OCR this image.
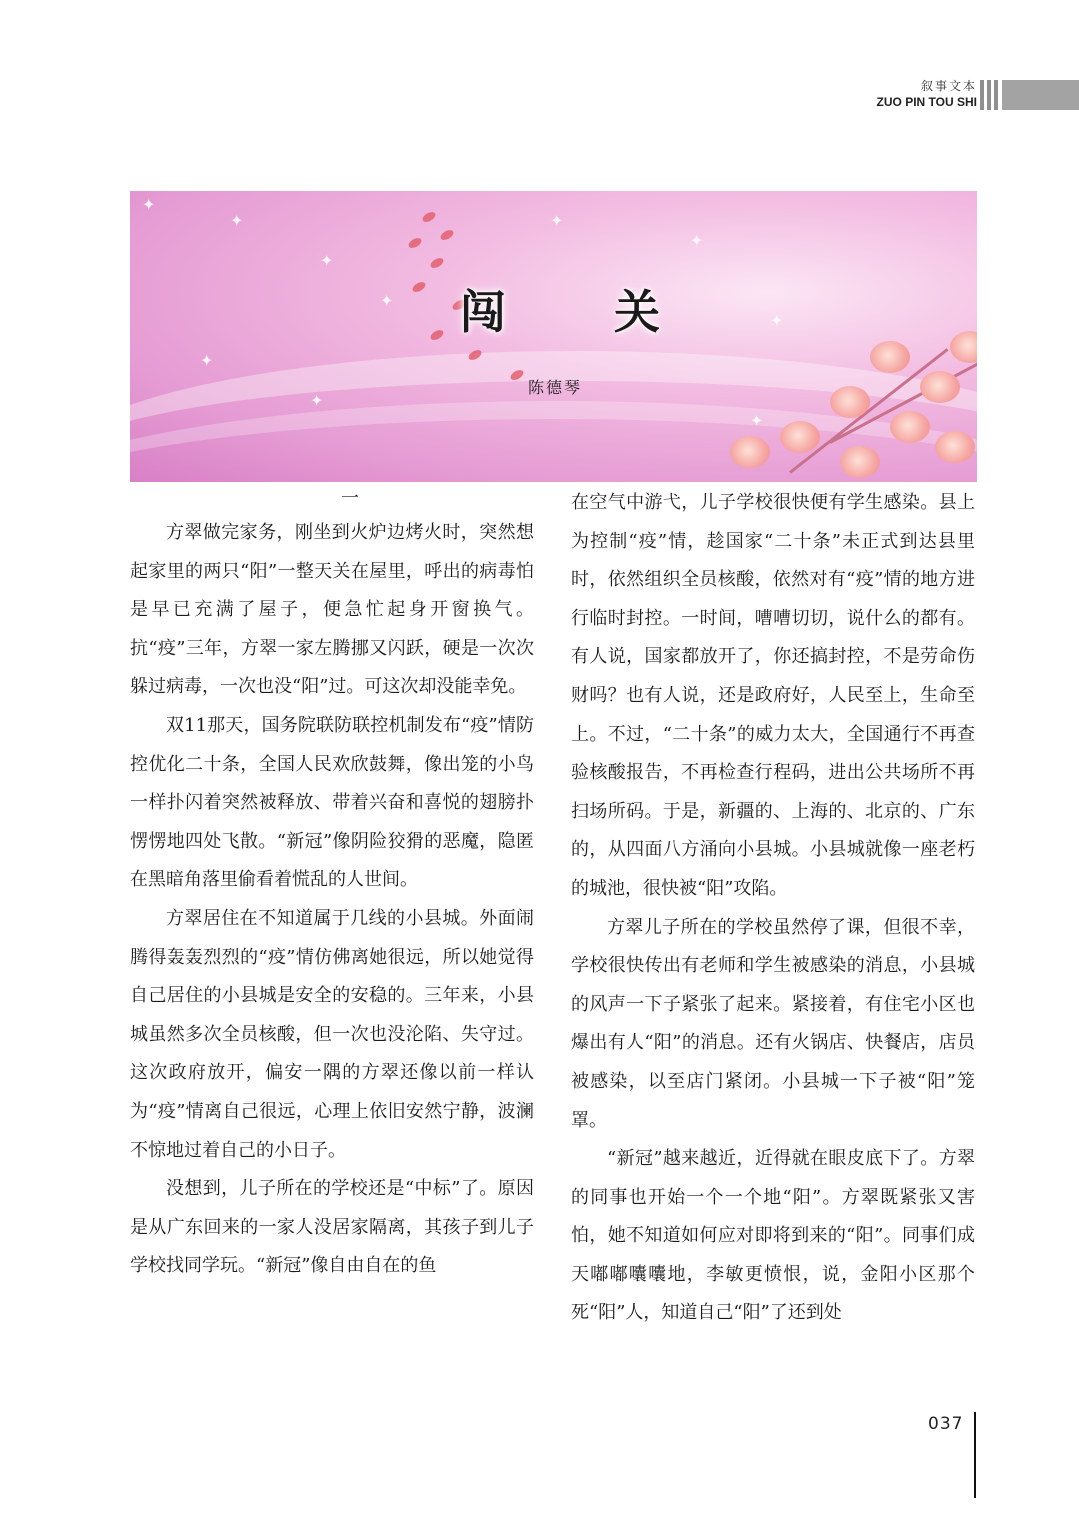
叙事文本
ZUO PIN TOU SHI
✦
✦
✦
✦
✦
✦
✦
✦
✦
✦
闯 关
陈德琴

一

方翠做完家务，刚坐到火炉边烤火时，突然想起家里的两只“阳”一整天关在屋里，呼出的病毒怕是早已充满了屋子，便急忙起身开窗换气。抗“疫”三年，方翠一家左腾挪又闪跃，硬是一次次躲过病毒，一次也没“阳”过。可这次却没能幸免。

双11那天，国务院联防联控机制发布“疫”情防控优化二十条，全国人民欢欣鼓舞，像出笼的小鸟一样扑闪着突然被释放、带着兴奋和喜悦的翅膀扑愣愣地四处飞散。“新冠”像阴险狡猾的恶魔，隐匿在黑暗角落里偷看着慌乱的人世间。

方翠居住在不知道属于几线的小县城。外面闹腾得轰轰烈烈的“疫”情仿佛离她很远，所以她觉得自己居住的小县城是安全的安稳的。三年来，小县城虽然多次全员核酸，但一次也没沦陷、失守过。这次政府放开，偏安一隅的方翠还像以前一样认为“疫”情离自己很远，心理上依旧安然宁静，波澜不惊地过着自己的小日子。

没想到，儿子所在的学校还是“中标”了。原因是从广东回来的一家人没居家隔离，其孩子到儿子学校找同学玩。“新冠”像自由自在的鱼

在空气中游弋，儿子学校很快便有学生感染。县上为控制“疫”情，趁国家“二十条”未正式到达县里时，依然组织全员核酸，依然对有“疫”情的地方进行临时封控。一时间，嘈嘈切切，说什么的都有。有人说，国家都放开了，你还搞封控，不是劳命伤财吗？也有人说，还是政府好，人民至上，生命至上。不过，“二十条”的威力太大，全国通行不再查验核酸报告，不再检查行程码，进出公共场所不再扫场所码。于是，新疆的、上海的、北京的、广东的，从四面八方涌向小县城。小县城就像一座老朽的城池，很快被“阳”攻陷。

方翠儿子所在的学校虽然停了课，但很不幸，学校很快传出有老师和学生被感染的消息，小县城的风声一下子紧张了起来。紧接着，有住宅小区也爆出有人“阳”的消息。还有火锅店、快餐店，店员被感染，以至店门紧闭。小县城一下子被“阳”笼罩。

“新冠”越来越近，近得就在眼皮底下了。方翠的同事也开始一个一个地“阳”。方翠既紧张又害怕，她不知道如何应对即将到来的“阳”。同事们成天嘟嘟囔囔地，李敏更愤恨，说，金阳小区那个死“阳”人，知道自己“阳”了还到处

037
